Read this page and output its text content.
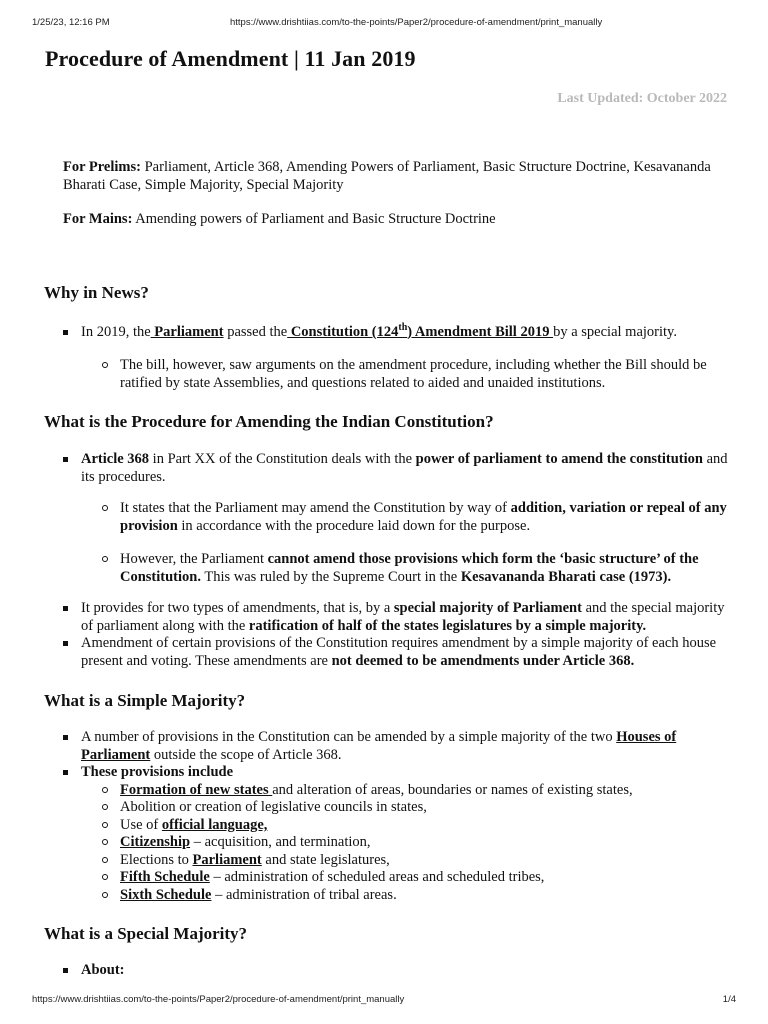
1/25/23, 12:16 PM	https://www.drishtiias.com/to-the-points/Paper2/procedure-of-amendment/print_manually
Procedure of Amendment | 11 Jan 2019
Last Updated: October 2022
For Prelims: Parliament, Article 368, Amending Powers of Parliament, Basic Structure Doctrine, Kesavananda Bharati Case, Simple Majority, Special Majority
For Mains: Amending powers of Parliament and Basic Structure Doctrine
Why in News?
In 2019, the Parliament passed the Constitution (124th) Amendment Bill 2019 by a special majority.
The bill, however, saw arguments on the amendment procedure, including whether the Bill should be ratified by state Assemblies, and questions related to aided and unaided institutions.
What is the Procedure for Amending the Indian Constitution?
Article 368 in Part XX of the Constitution deals with the power of parliament to amend the constitution and its procedures.
It states that the Parliament may amend the Constitution by way of addition, variation or repeal of any provision in accordance with the procedure laid down for the purpose.
However, the Parliament cannot amend those provisions which form the ‘basic structure’ of the Constitution. This was ruled by the Supreme Court in the Kesavananda Bharati case (1973).
It provides for two types of amendments, that is, by a special majority of Parliament and the special majority of parliament along with the ratification of half of the states legislatures by a simple majority.
Amendment of certain provisions of the Constitution requires amendment by a simple majority of each house present and voting. These amendments are not deemed to be amendments under Article 368.
What is a Simple Majority?
A number of provisions in the Constitution can be amended by a simple majority of the two Houses of Parliament outside the scope of Article 368.
These provisions include
Formation of new states and alteration of areas, boundaries or names of existing states,
Abolition or creation of legislative councils in states,
Use of official language,
Citizenship – acquisition, and termination,
Elections to Parliament and state legislatures,
Fifth Schedule – administration of scheduled areas and scheduled tribes,
Sixth Schedule – administration of tribal areas.
What is a Special Majority?
About:
https://www.drishtiias.com/to-the-points/Paper2/procedure-of-amendment/print_manually	1/4
